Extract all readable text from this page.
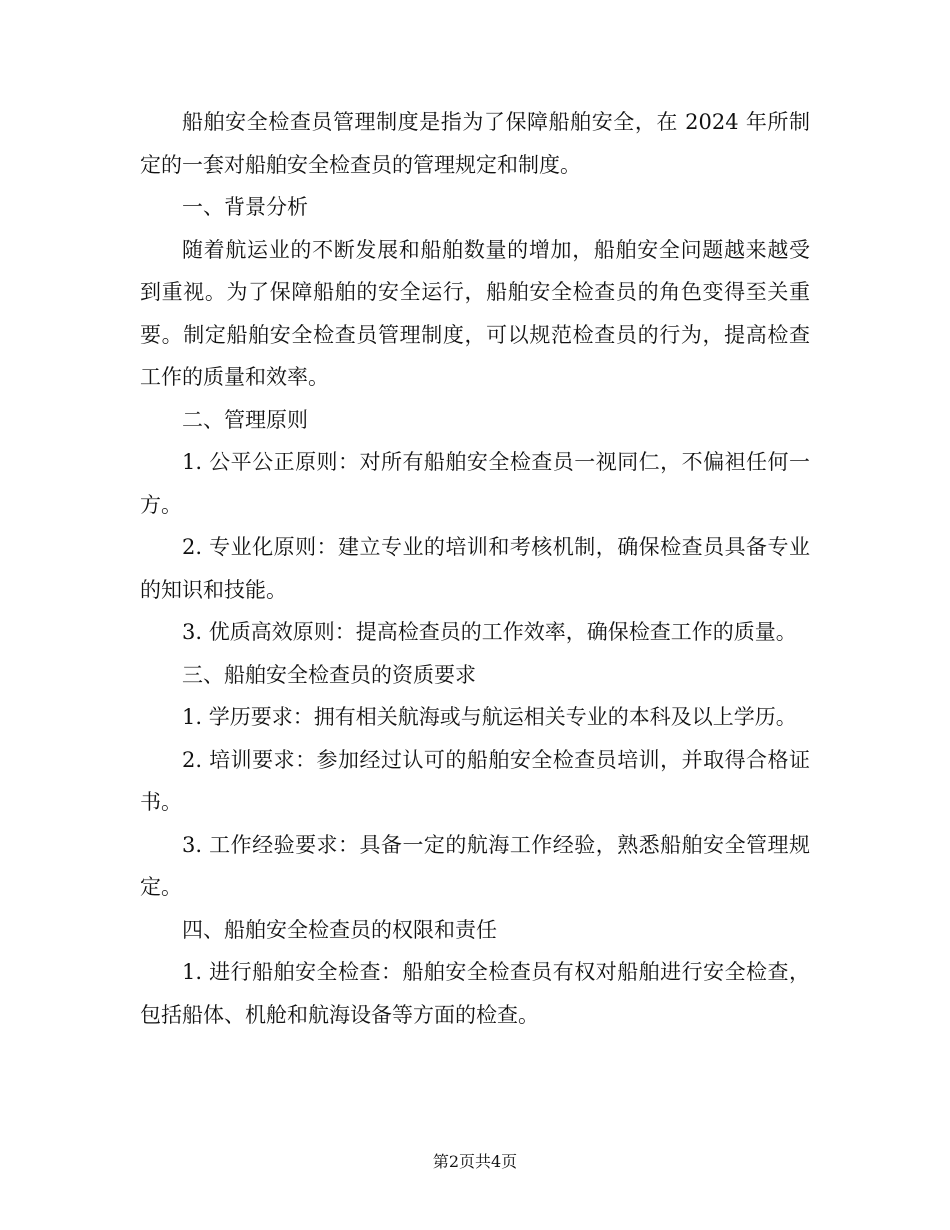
船舶安全检查员管理制度是指为了保障船舶安全，在 2024 年所制定的一套对船舶安全检查员的管理规定和制度。

一、背景分析

随着航运业的不断发展和船舶数量的增加，船舶安全问题越来越受到重视。为了保障船舶的安全运行，船舶安全检查员的角色变得至关重要。制定船舶安全检查员管理制度，可以规范检查员的行为，提高检查工作的质量和效率。

二、管理原则

1. 公平公正原则：对所有船舶安全检查员一视同仁，不偏袒任何一方。

2. 专业化原则：建立专业的培训和考核机制，确保检查员具备专业的知识和技能。

3. 优质高效原则：提高检查员的工作效率，确保检查工作的质量。

三、船舶安全检查员的资质要求

1. 学历要求：拥有相关航海或与航运相关专业的本科及以上学历。

2. 培训要求：参加经过认可的船舶安全检查员培训，并取得合格证书。

3. 工作经验要求：具备一定的航海工作经验，熟悉船舶安全管理规定。

四、船舶安全检查员的权限和责任

1. 进行船舶安全检查：船舶安全检查员有权对船舶进行安全检查，包括船体、机舱和航海设备等方面的检查。

第2页共4页
